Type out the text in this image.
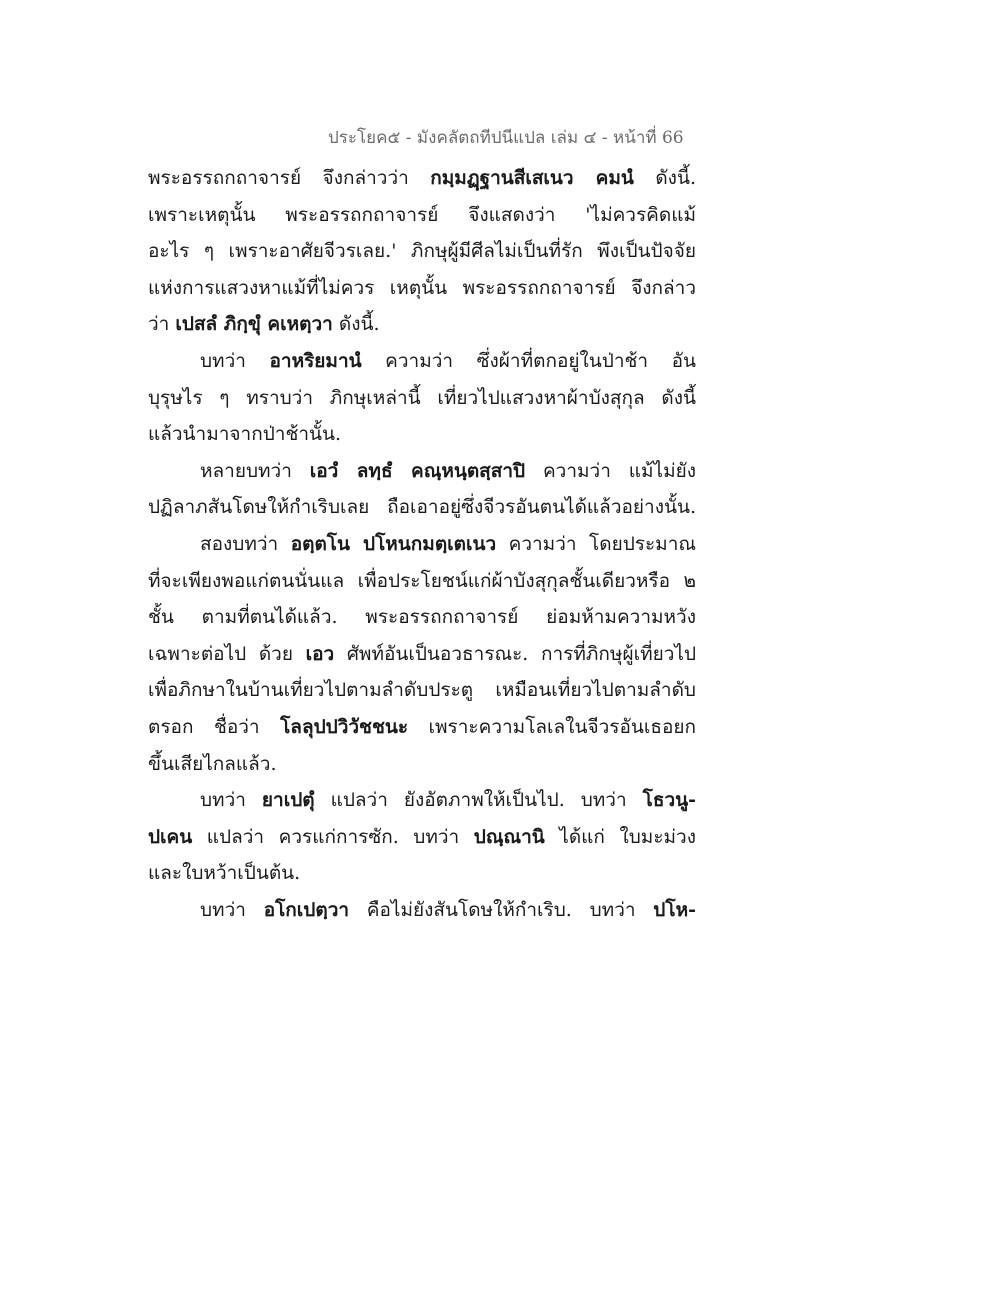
ประโยค๕ - มังคลัตถทีปนีแปล เล่ม ๔ - หน้าที่ 66
พระอรรถกถาจารย์ จึงกล่าวว่า กมฺมฏฺฐานสีเสเนว คมนํ ดังนี้.
เพราะเหตุนั้น พระอรรถกถาจารย์ จึงแสดงว่า 'ไม่ควรคิดแม้
อะไร ๆ เพราะอาศัยจีวรเลย.' ภิกษุผู้มีศีลไม่เป็นที่รัก พึงเป็นปัจจัย
แห่งการแสวงหาแม้ที่ไม่ควร เหตุนั้น พระอรรถกถาจารย์ จึงกล่าว
ว่า เปสลํ ภิกฺขุํ คเหตฺวา ดังนี้.
บทว่า อาหริยมานํ ความว่า ซึ่งผ้าที่ตกอยู่ในป่าช้า อัน
บุรุษไร ๆ ทราบว่า ภิกษุเหล่านี้ เที่ยวไปแสวงหาผ้าบังสุกุล ดังนี้
แล้วนำมาจากป่าช้านั้น.
หลายบทว่า เอวํ ลทฺธํ คณฺหนฺตสฺสาปิ ความว่า แม้ไม่ยัง
ปฏิลาภสันโดษให้กำเริบเลย ถือเอาอยู่ซึ่งจีวรอันตนได้แล้วอย่างนั้น.
สองบทว่า อตฺตโน ปโหนกมตฺเตเนว ความว่า โดยประมาณ
ที่จะเพียงพอแก่ตนนั่นแล เพื่อประโยชน์แก่ผ้าบังสุกุลชั้นเดียวหรือ ๒
ชั้น ตามที่ตนได้แล้ว. พระอรรถกถาจารย์ ย่อมห้ามความหวัง
เฉพาะต่อไป ด้วย เอว ศัพท์อันเป็นอวธารณะ. การที่ภิกษุผู้เที่ยวไป
เพื่อภิกษาในบ้านเที่ยวไปตามลำดับประตู เหมือนเที่ยวไปตามลำดับ
ตรอก ชื่อว่า โลลุปปวิวัชชนะ เพราะความโลเลในจีวรอันเธอยก
ขึ้นเสียไกลแล้ว.
บทว่า ยาเปตุํ แปลว่า ยังอัตภาพให้เป็นไป. บทว่า โธวนู-
ปเคน แปลว่า ควรแก่การซัก. บทว่า ปณฺณานิ ได้แก่ ใบมะม่วง
และใบหว้าเป็นต้น.
บทว่า อโกเปตฺวา คือไม่ยังสันโดษให้กำเริบ. บทว่า ปโห-
